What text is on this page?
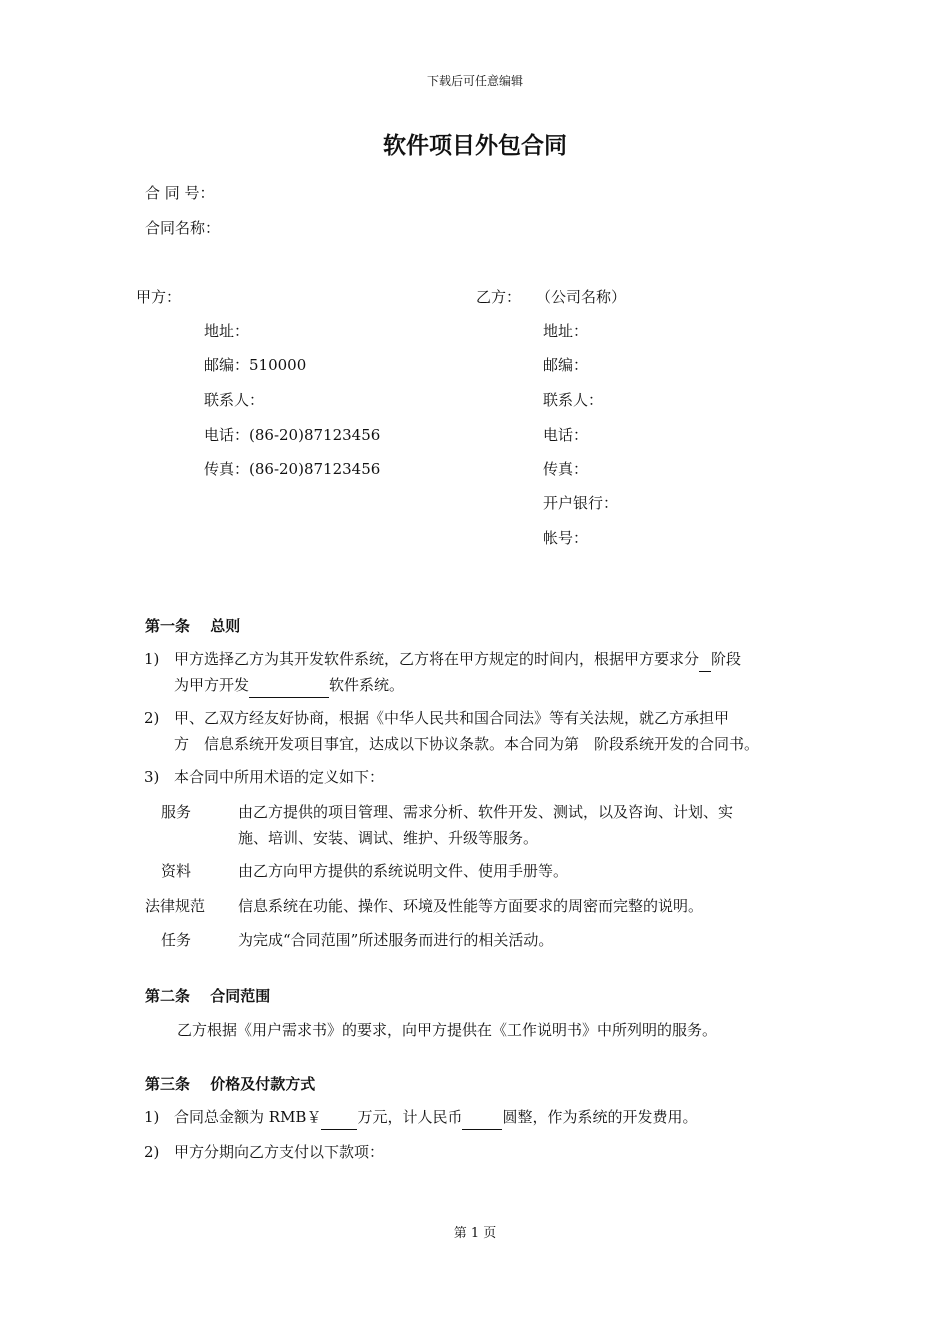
下载后可任意编辑
软件项目外包合同
合 同 号：
合同名称：
甲方：
地址：
邮编：510000
联系人：
电话：(86-20)87123456
传真：(86-20)87123456
乙方： （公司名称）
地址：
邮编：
联系人：
电话：
传真：
开户银行：
帐号：
第一条　 总则
1) 甲方选择乙方为其开发软件系统，乙方将在甲方规定的时间内，根据甲方要求分 阶段
为甲方开发	软件系统。
2) 甲、乙双方经友好协商，根据《中华人民共和国合同法》等有关法规，就乙方承担甲
方　信息系统开发项目事宜，达成以下协议条款。本合同为第　阶段系统开发的合同书。
3) 本合同中所用术语的定义如下：
服务	由乙方提供的项目管理、需求分析、软件开发、测试，以及咨询、计划、实
施、培训、安装、调试、维护、升级等服务。
资料	由乙方向甲方提供的系统说明文件、使用手册等。
法律规范 信息系统在功能、操作、环境及性能等方面要求的周密而完整的说明。
任务	为完成“合同范围”所述服务而进行的相关活动。
第二条　 合同范围
乙方根据《用户需求书》的要求，向甲方提供在《工作说明书》中所列明的服务。
第三条　 价格及付款方式
1) 合同总金额为 RMB￥ 万元，计人民币	圆整，作为系统的开发费用。
2) 甲方分期向乙方支付以下款项：
第 1 页
